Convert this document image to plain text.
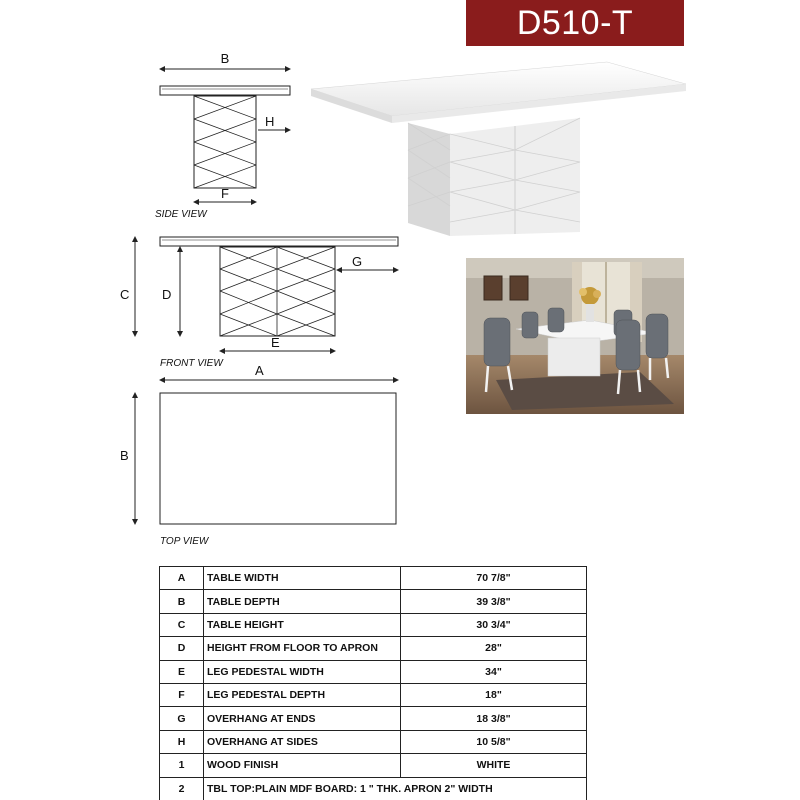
D510-T
B
H
F
SIDE VIEW
C	D
G
E
FRONT VIEW A
B
TOP VIEW
A	TABLE WIDTH	70 7/8"
B	TABLE DEPTH	39 3/8"
C	TABLE HEIGHT	30 3/4"
D	HEIGHT FROM FLOOR TO APRON	28"
E	LEG PEDESTAL WIDTH	34"
F	LEG PEDESTAL DEPTH	18"
G	OVERHANG AT ENDS	18 3/8"
H	OVERHANG AT SIDES	10 5/8"
1	WOOD FINISH	WHITE
2	TBL TOP:PLAIN MDF BOARD: 1 " THK. APRON 2" WIDTH	
